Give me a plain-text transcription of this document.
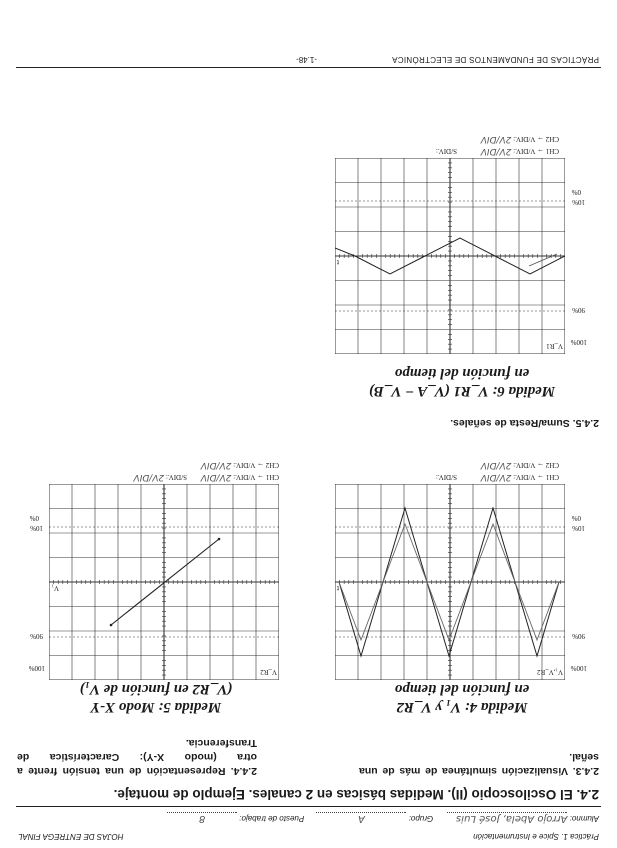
Práctica 1. Spice e Instrumentación
HOJAS DE ENTREGA FINAL
Alumno: Arrojo Abela, José Luis Grupo: A Puesto de trabajo: 8
2.4. El Osciloscopio (II). Medidas básicas en 2 canales. Ejemplo de montaje.
2.4.3. Visualización simultánea de más de una señal.
2.4.4. Representación de una tensión frente a otra (modo X-Y): Característica de Transferencia.
Medida 4: V₁ y V_R2
en función del tiempo
Medida 5: Modo X-Y
(V_R2 en función de V₁)
V₁,V_R2
t
100%
90%
10%
0%
CH1 → V/DIV.: 2V/DIV S/DIV.:
CH2 → V/DIV.: 2V/DIV
V_R2
V₁
100%
90%
10%
0%
CH1 → V/DIV.: 2V/DIV S/DIV.: 2V/DIV
CH2 → V/DIV.: 2V/DIV
2.4.5. Suma/Resta de señales.
Medida 6: V_R1 (V_A − V_B)
en función del tiempo
V_R1
t
100%
90%
10%
0%
CH1 → V/DIV.: 2V/DIV S/DIV.:
CH2 → V/DIV.: 2V/DIV
PRÁCTICAS DE FUNDAMENTOS DE ELECTRÓNICA
-1.48-
